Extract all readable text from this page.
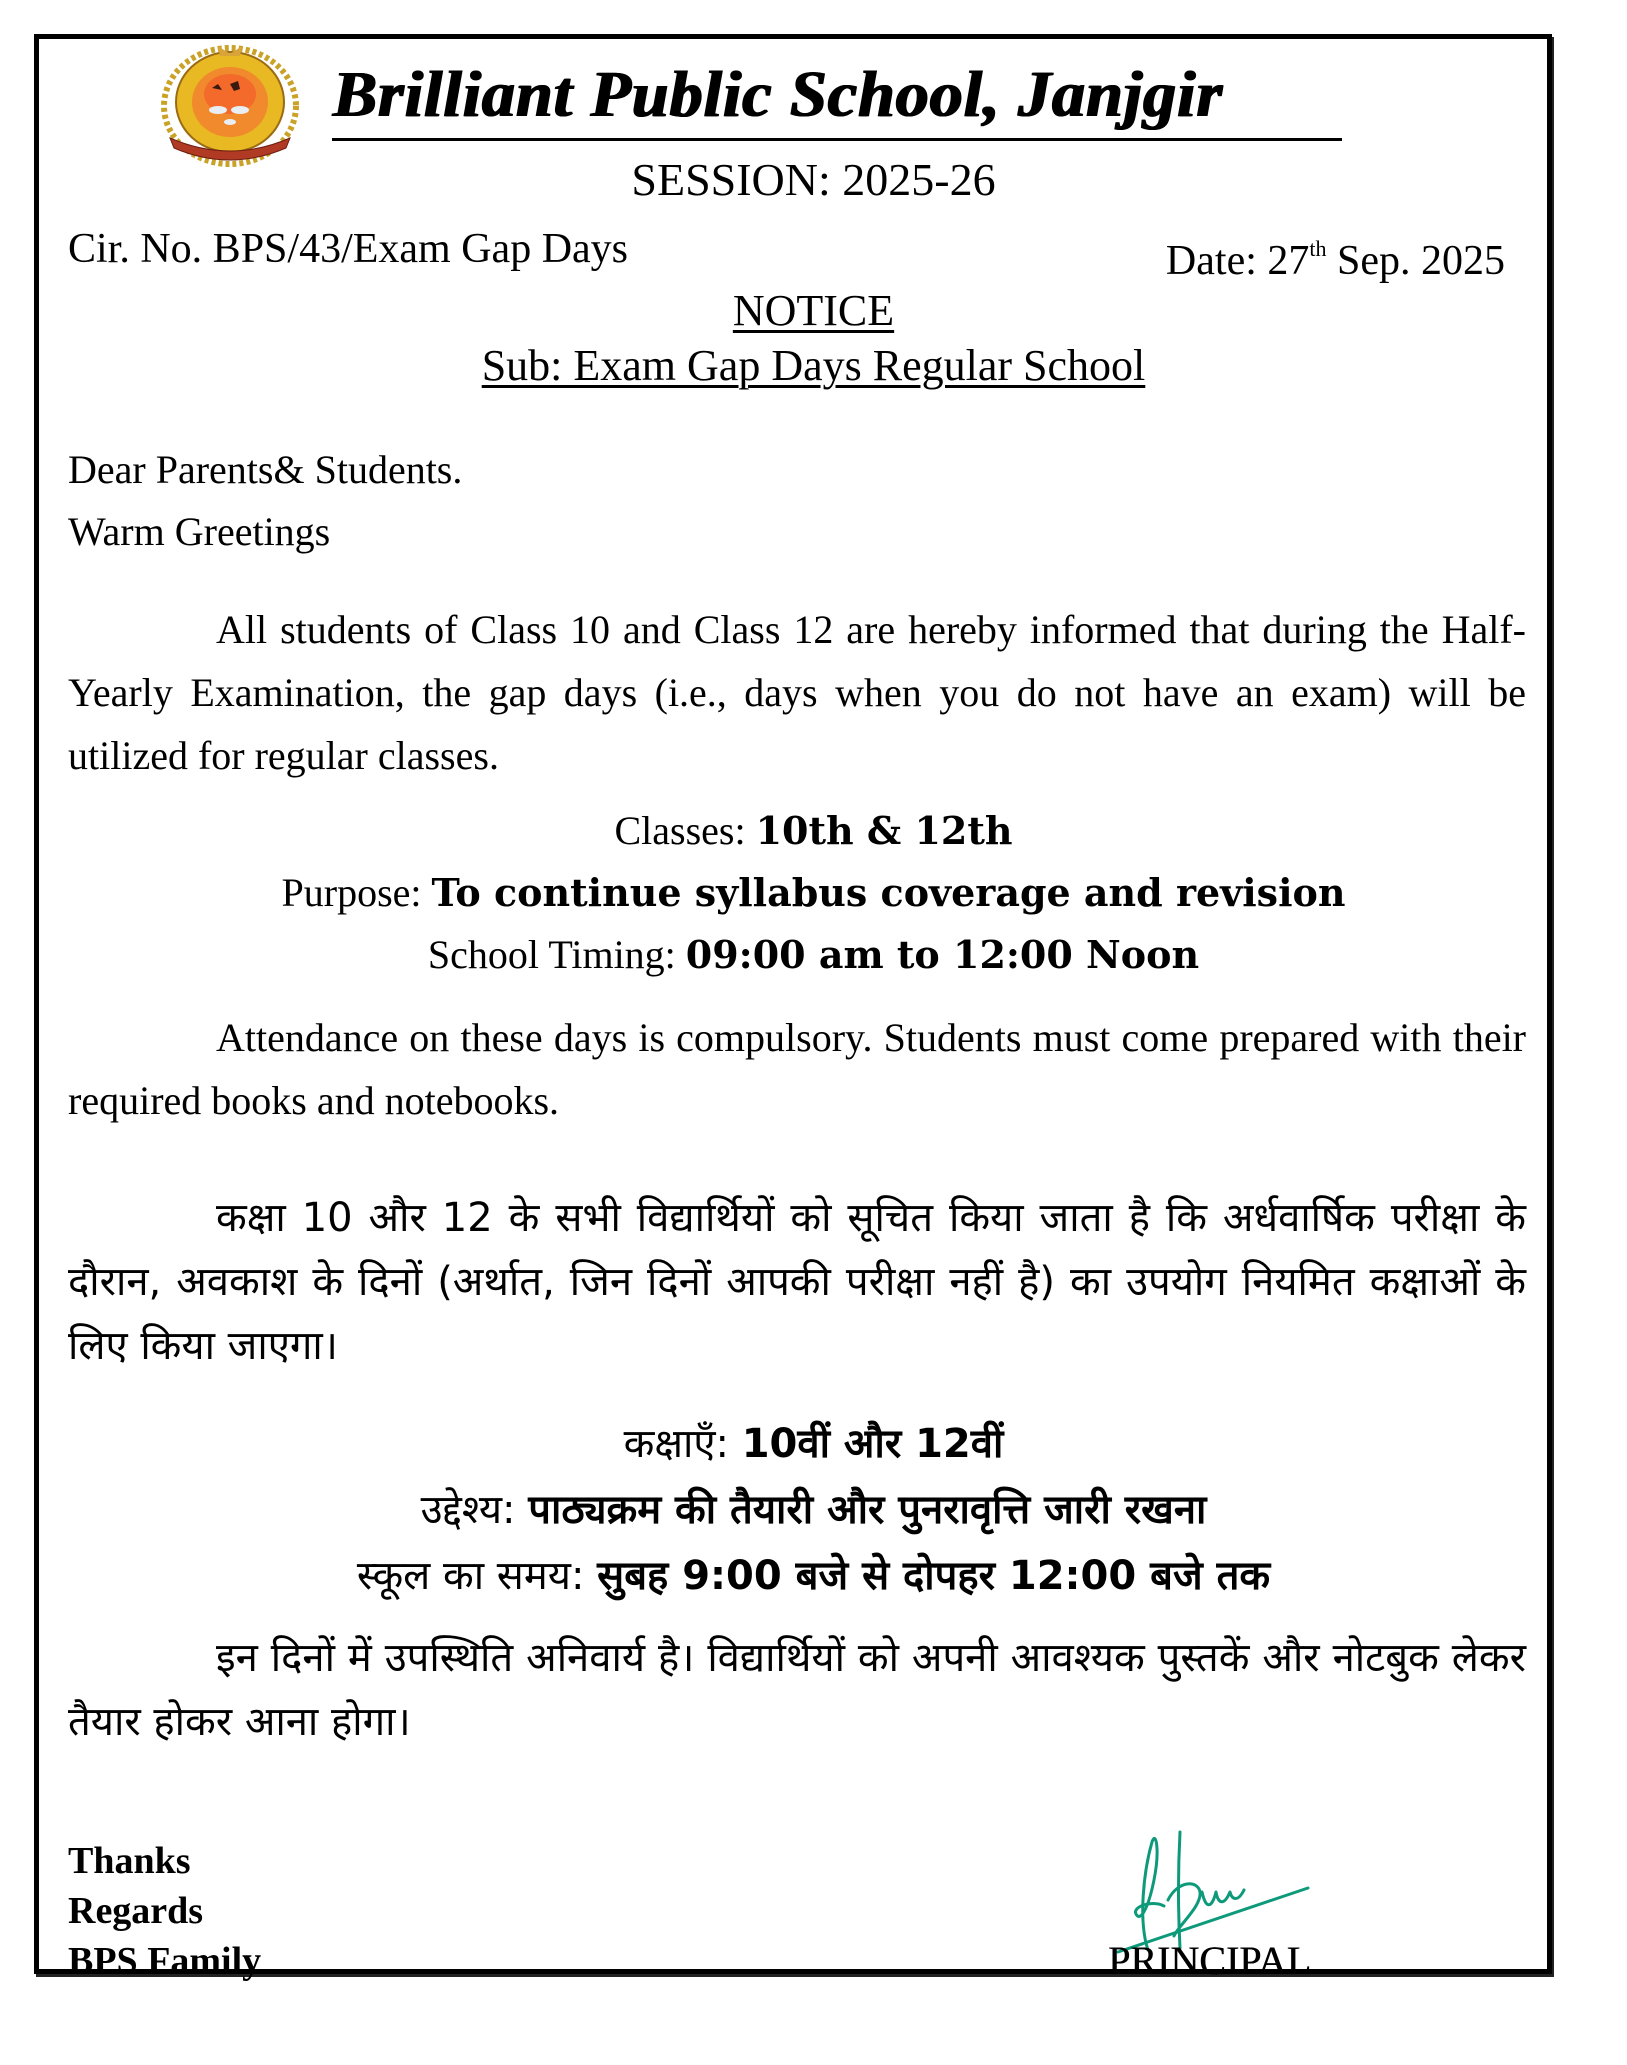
Brilliant Public School, Janjgir
SESSION: 2025-26
Cir. No. BPS/43/Exam Gap Days	Date: 27th Sep. 2025
NOTICE
Sub: Exam Gap Days Regular School
Dear Parents& Students.
Warm Greetings
All students of Class 10 and Class 12 are hereby informed that during the Half-Yearly Examination, the gap days (i.e., days when you do not have an exam) will be utilized for regular classes.
Classes: 10th & 12th
Purpose: To continue syllabus coverage and revision
School Timing: 09:00 am to 12:00 Noon
Attendance on these days is compulsory. Students must come prepared with their required books and notebooks.
कक्षा 10 और 12 के सभी विद्यार्थियों को सूचित किया जाता है कि अर्धवार्षिक परीक्षा के दौरान, अवकाश के दिनों (अर्थात, जिन दिनों आपकी परीक्षा नहीं है) का उपयोग नियमित कक्षाओं के लिए किया जाएगा।
कक्षाएँ: 10वीं और 12वीं
उद्देश्य: पाठ्यक्रम की तैयारी और पुनरावृत्ति जारी रखना
स्कूल का समय: सुबह 9:00 बजे से दोपहर 12:00 बजे तक
इन दिनों में उपस्थिति अनिवार्य है। विद्यार्थियों को अपनी आवश्यक पुस्तकें और नोटबुक लेकर तैयार होकर आना होगा।
Thanks
Regards
BPS Family	PRINCIPAL
